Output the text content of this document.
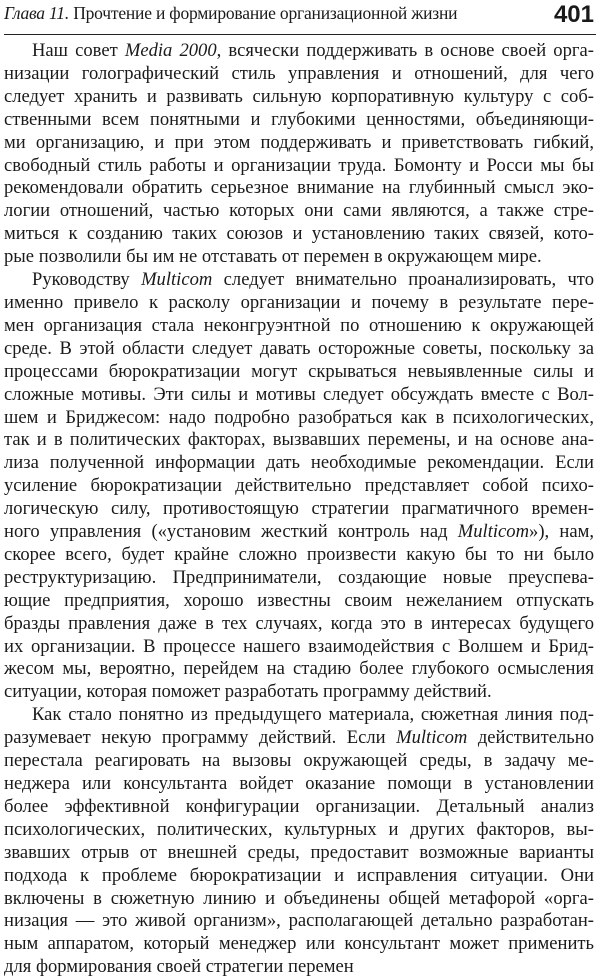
Глава 11. Прочтение и формирование организационной жизни	401
Наш совет Media 2000, всячески поддерживать в основе своей орга-
низации голографический стиль управления и отношений, для чего
следует хранить и развивать сильную корпоративную культуру с соб-
ственными всем понятными и глубокими ценностями, объединяющи-
ми организацию, и при этом поддерживать и приветствовать гибкий,
свободный стиль работы и организации труда. Бомонту и Росси мы бы
рекомендовали обратить серьезное внимание на глубинный смысл эко-
логии отношений, частью которых они сами являются, а также стре-
миться к созданию таких союзов и установлению таких связей, кото-
рые позволили бы им не отставать от перемен в окружающем мире.
Руководству Multicom следует внимательно проанализировать, что
именно привело к расколу организации и почему в результате пере-
мен организация стала неконгруэнтной по отношению к окружающей
среде. В этой области следует давать осторожные советы, поскольку за
процессами бюрократизации могут скрываться невыявленные силы и
сложные мотивы. Эти силы и мотивы следует обсуждать вместе с Вол-
шем и Бриджесом: надо подробно разобраться как в психологических,
так и в политических факторах, вызвавших перемены, и на основе ана-
лиза полученной информации дать необходимые рекомендации. Если
усиление бюрократизации действительно представляет собой психо-
логическую силу, противостоящую стратегии прагматичного времен-
ного управления («установим жесткий контроль над Multicom»), нам,
скорее всего, будет крайне сложно произвести какую бы то ни было
реструктуризацию. Предприниматели, создающие новые преуспева-
ющие предприятия, хорошо известны своим нежеланием отпускать
бразды правления даже в тех случаях, когда это в интересах будущего
их организации. В процессе нашего взаимодействия с Волшем и Брид-
жесом мы, вероятно, перейдем на стадию более глубокого осмысления
ситуации, которая поможет разработать программу действий.
Как стало понятно из предыдущего материала, сюжетная линия под-
разумевает некую программу действий. Если Multicom действительно
перестала реагировать на вызовы окружающей среды, в задачу ме-
неджера или консультанта войдет оказание помощи в установлении
более эффективной конфигурации организации. Детальный анализ
психологических, политических, культурных и других факторов, вы-
звавших отрыв от внешней среды, предоставит возможные варианты
подхода к проблеме бюрократизации и исправления ситуации. Они
включены в сюжетную линию и объединены общей метафорой «орга-
низация — это живой организм», располагающей детально разработан-
ным аппаратом, который менеджер или консультант может применить
для формирования своей стратегии перемен
